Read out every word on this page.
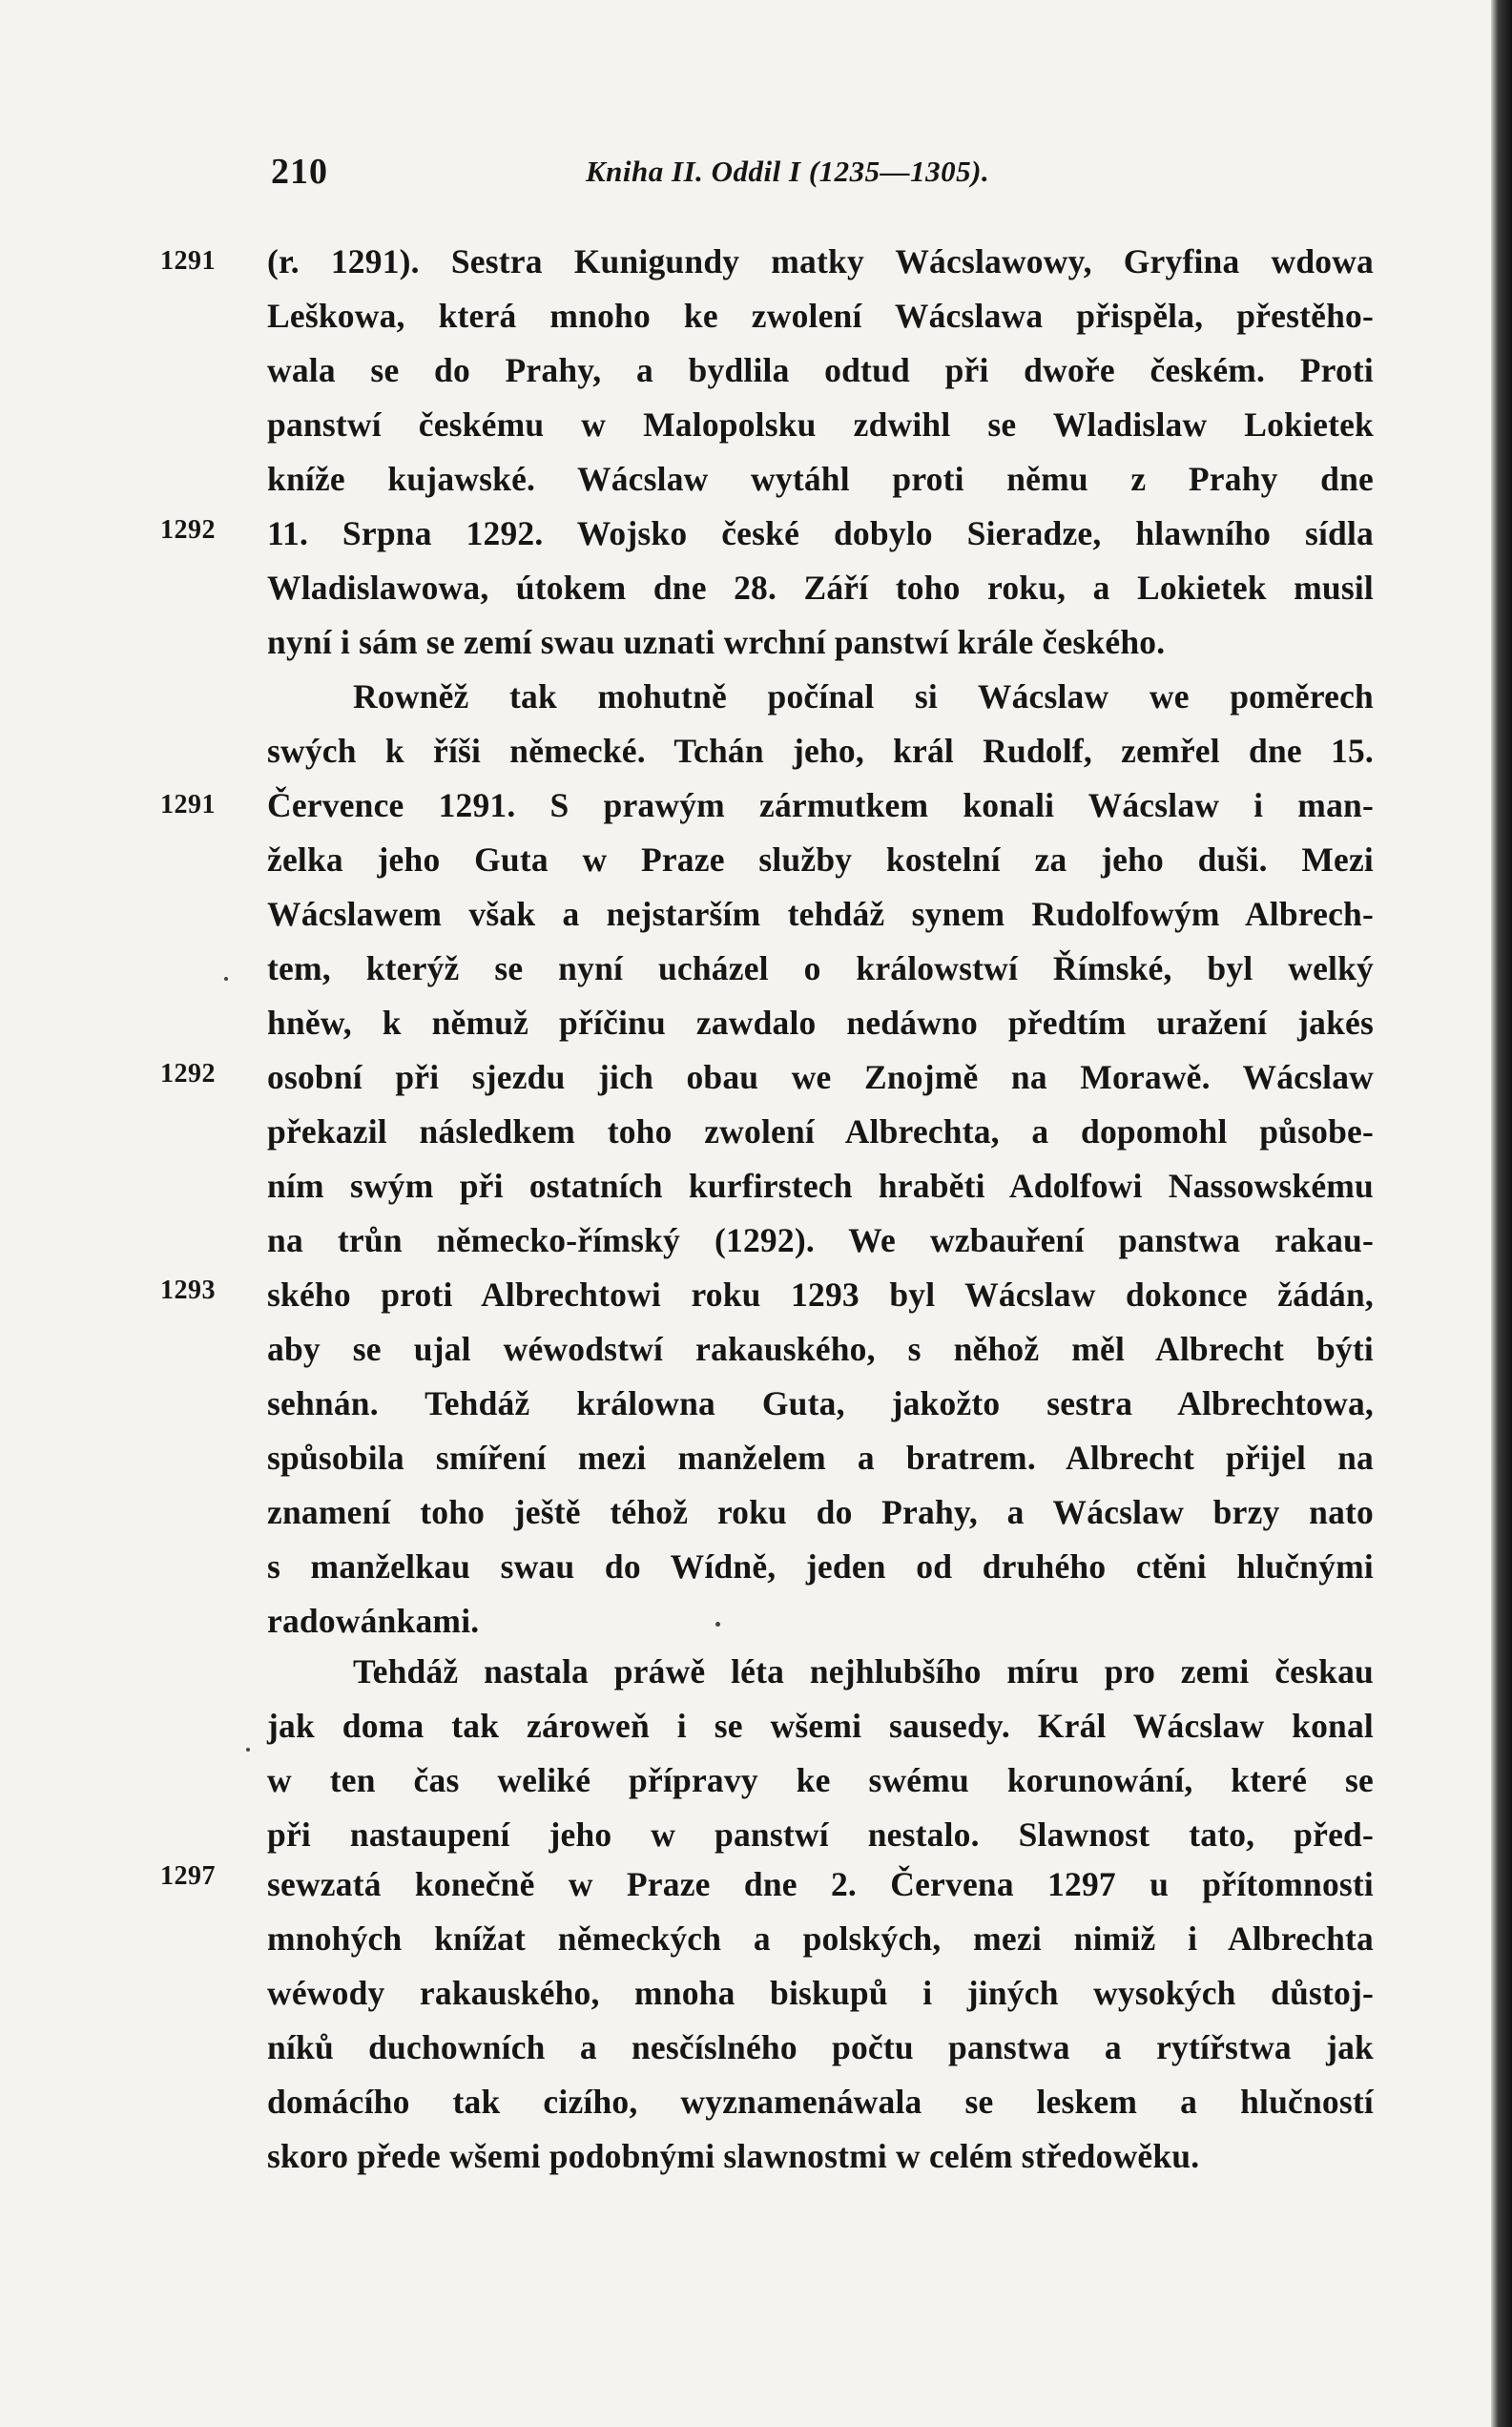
210	Kniha II. Oddil I (1235—1305).
1291
1292
1291
1292
1293
1297
(r. 1291). Sestra Kunigundy matky Wácslawowy, Gryfina wdowa
Leškowa, která mnoho ke zwolení Wácslawa přispěla, přestěho-
wala se do Prahy, a bydlila odtud při dwoře českém. Proti
panstwí českému w Malopolsku zdwihl se Wladislaw Lokietek
kníže kujawské. Wácslaw wytáhl proti němu z Prahy dne
11. Srpna 1292. Wojsko české dobylo Sieradze, hlawního sídla
Wladislawowa, útokem dne 28. Září toho roku, a Lokietek musil
nyní i sám se zemí swau uznati wrchní panstwí krále českého.
Rowněž tak mohutně počínal si Wácslaw we poměrech
swých k říši německé. Tchán jeho, král Rudolf, zemřel dne 15.
Července 1291. S prawým zármutkem konali Wácslaw i man-
želka jeho Guta w Praze služby kostelní za jeho duši. Mezi
Wácslawem však a nejstarším tehdáž synem Rudolfowým Albrech-
tem, kterýž se nyní ucházel o králowstwí Římské, byl welký
hněw, k němuž příčinu zawdalo nedáwno předtím uražení jakés
osobní při sjezdu jich obau we Znojmě na Morawě. Wácslaw
překazil následkem toho zwolení Albrechta, a dopomohl působe-
ním swým při ostatních kurfirstech hraběti Adolfowi Nassowskému
na trůn německo-římský (1292). We wzbauření panstwa rakau-
ského proti Albrechtowi roku 1293 byl Wácslaw dokonce žádán,
aby se ujal wéwodstwí rakauského, s něhož měl Albrecht býti
sehnán. Tehdáž králowna Guta, jakožto sestra Albrechtowa,
spůsobila smíření mezi manželem a bratrem. Albrecht přijel na
znamení toho ještě téhož roku do Prahy, a Wácslaw brzy nato
s manželkau swau do Wídně, jeden od druhého ctěni hlučnými
radowánkami.
Tehdáž nastala práwě léta nejhlubšího míru pro zemi českau
jak doma tak zároweň i se wšemi sausedy. Král Wácslaw konal
w ten čas weliké přípravy ke swému korunowání, které se
při nastaupení jeho w panstwí nestalo. Slawnost tato, před-
sewzatá konečně w Praze dne 2. Červena 1297 u přítomnosti
mnohých knížat německých a polských, mezi nimiž i Albrechta
wéwody rakauského, mnoha biskupů i jiných wysokých důstoj-
níků duchowních a nesčíslného počtu panstwa a rytířstwa jak
domácího tak cizího, wyznamenáwala se leskem a hlučností
skoro přede wšemi podobnými slawnostmi w celém středowěku.
